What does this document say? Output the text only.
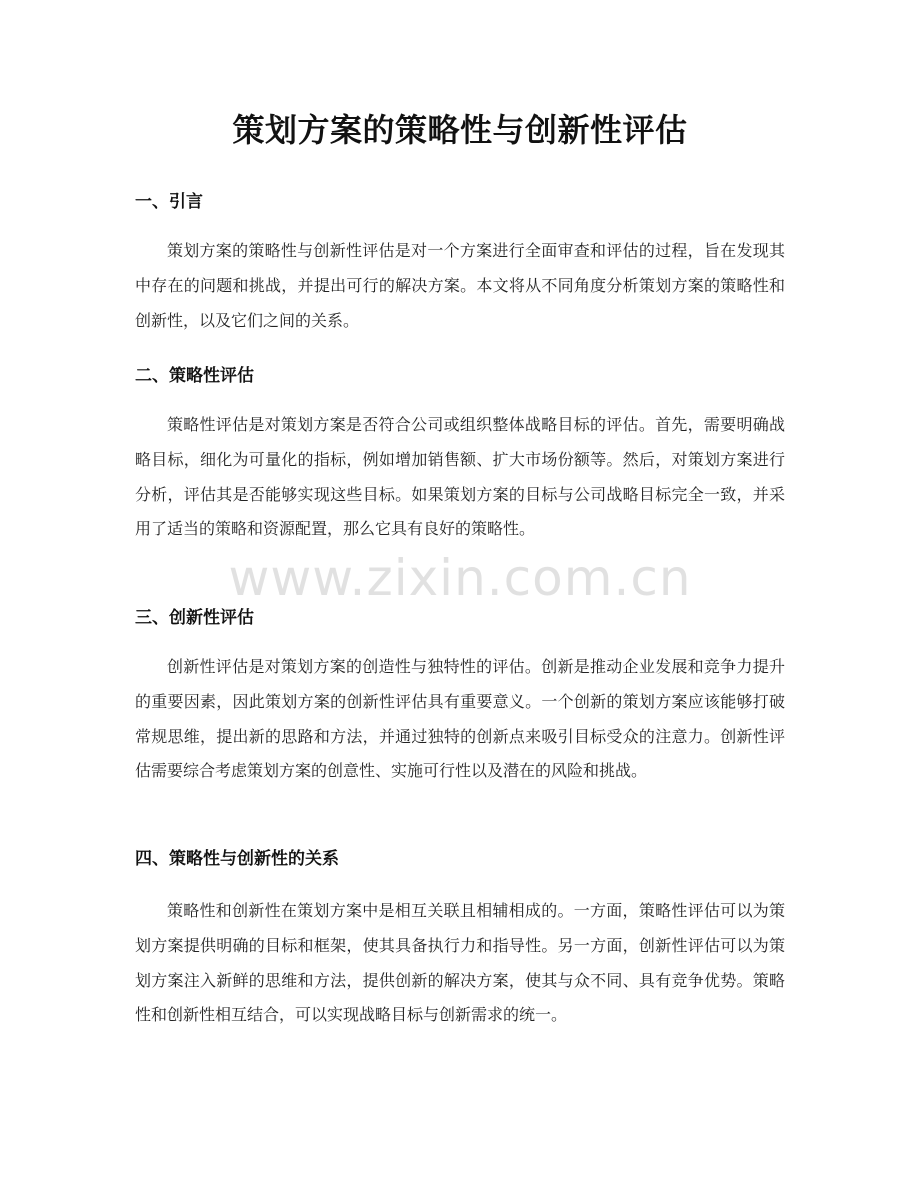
策划方案的策略性与创新性评估
一、引言

策划方案的策略性与创新性评估是对一个方案进行全面审查和评估的过程，旨在发现其中存在的问题和挑战，并提出可行的解决方案。本文将从不同角度分析策划方案的策略性和创新性，以及它们之间的关系。

二、策略性评估

策略性评估是对策划方案是否符合公司或组织整体战略目标的评估。首先，需要明确战略目标，细化为可量化的指标，例如增加销售额、扩大市场份额等。然后，对策划方案进行分析，评估其是否能够实现这些目标。如果策划方案的目标与公司战略目标完全一致，并采用了适当的策略和资源配置，那么它具有良好的策略性。

三、创新性评估

创新性评估是对策划方案的创造性与独特性的评估。创新是推动企业发展和竞争力提升的重要因素，因此策划方案的创新性评估具有重要意义。一个创新的策划方案应该能够打破常规思维，提出新的思路和方法，并通过独特的创新点来吸引目标受众的注意力。创新性评估需要综合考虑策划方案的创意性、实施可行性以及潜在的风险和挑战。

四、策略性与创新性的关系

策略性和创新性在策划方案中是相互关联且相辅相成的。一方面，策略性评估可以为策划方案提供明确的目标和框架，使其具备执行力和指导性。另一方面，创新性评估可以为策划方案注入新鲜的思维和方法，提供创新的解决方案，使其与众不同、具有竞争优势。策略性和创新性相互结合，可以实现战略目标与创新需求的统一。

www.zixin.com.cn
